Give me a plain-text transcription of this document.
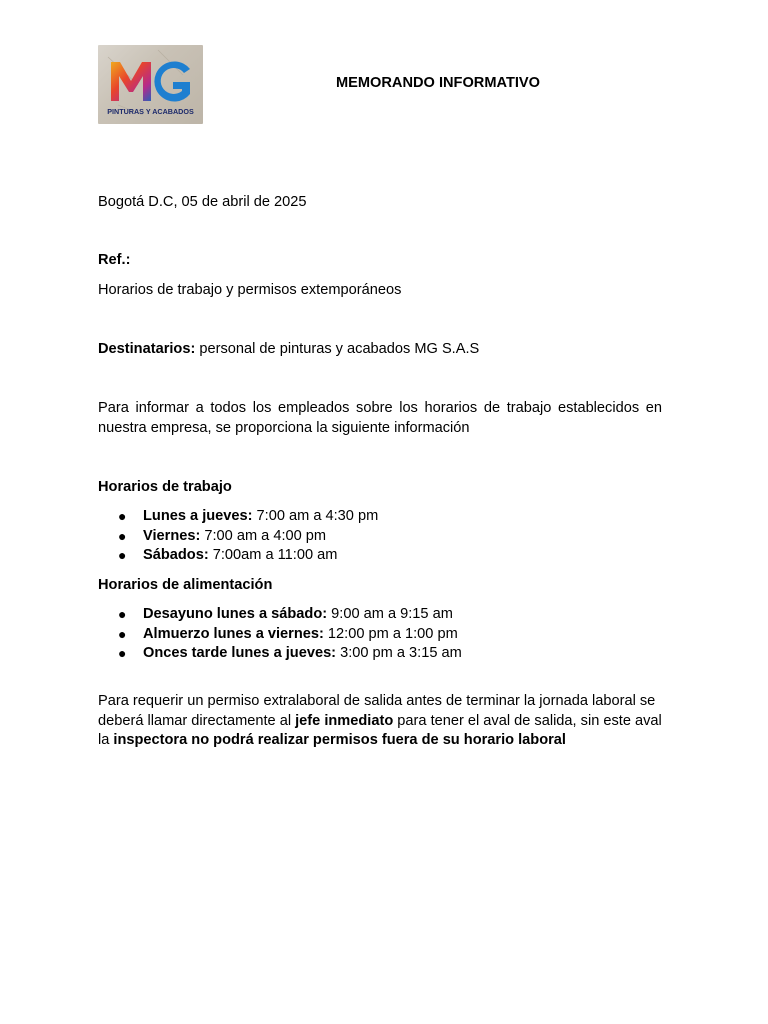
PINTURAS Y ACABADOS
MEMORANDO INFORMATIVO
Bogotá D.C, 05 de abril de 2025
Ref.:
Horarios de trabajo y permisos extemporáneos
Destinatarios: personal de pinturas y acabados MG S.A.S
Para informar a todos los empleados sobre los horarios de trabajo establecidos en nuestra empresa, se proporciona la siguiente información
Horarios de trabajo
● Lunes a jueves: 7:00 am a 4:30 pm
● Viernes: 7:00 am a 4:00 pm
● Sábados: 7:00am a 11:00 am
Horarios de alimentación
● Desayuno lunes a sábado: 9:00 am a 9:15 am
● Almuerzo lunes a viernes: 12:00 pm a 1:00 pm
● Onces tarde lunes a jueves: 3:00 pm a 3:15 am
Para requerir un permiso extralaboral de salida antes de terminar la jornada laboral se deberá llamar directamente al jefe inmediato para tener el aval de salida, sin este aval la inspectora no podrá realizar permisos fuera de su horario laboral
